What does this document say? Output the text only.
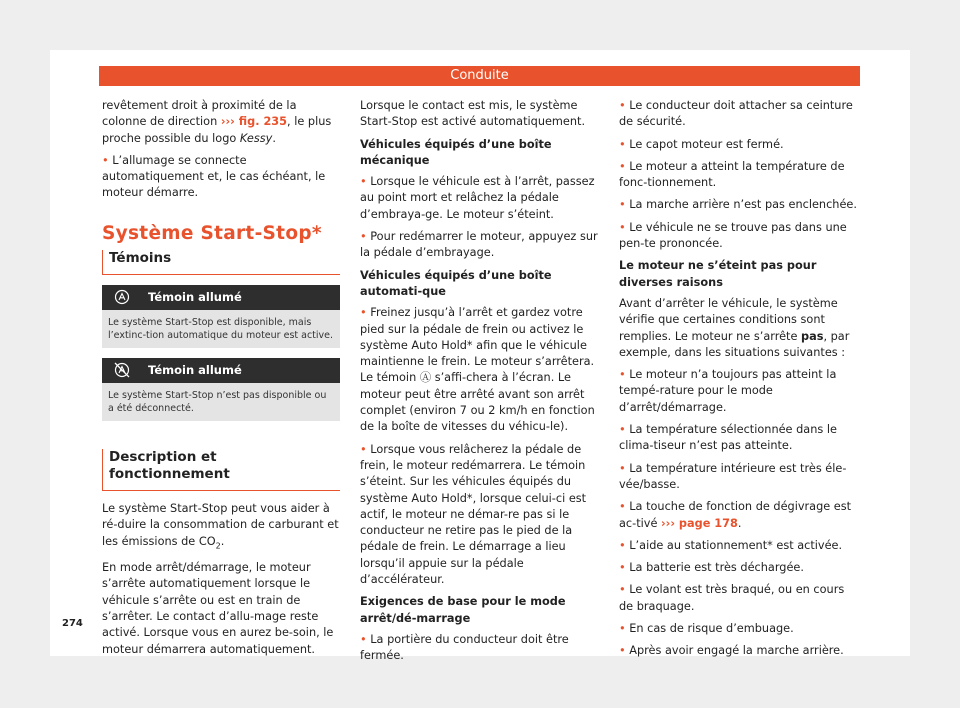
Conduite

revêtement droit à proximité de la colonne de direction ››› fig. 235, le plus proche possible du logo Kessy.

• L’allumage se connecte automatiquement et, le cas échéant, le moteur démarre.

Système Start-Stop*
Témoins
Témoin allumé
Le système Start-Stop est disponible, mais l’extinc-tion automatique du moteur est active.
Témoin allumé
Le système Start-Stop n’est pas disponible ou a été déconnecté.
Description et fonctionnement

Le système Start-Stop peut vous aider à ré-duire la consommation de carburant et les émissions de $CO_2$.

En mode arrêt/démarrage, le moteur s’arrête automatiquement lorsque le véhicule s’arrête ou est en train de s’arrêter. Le contact d’allu-mage reste activé. Lorsque vous en aurez be-soin, le moteur démarrera automatiquement.

Lorsque le contact est mis, le système Start-Stop est activé automatiquement.

Véhicules équipés d’une boîte mécanique

• Lorsque le véhicule est à l’arrêt, passez au point mort et relâchez la pédale d’embraya-ge. Le moteur s’éteint.

• Pour redémarrer le moteur, appuyez sur la pédale d’embrayage.

Véhicules équipés d’une boîte automati-que

• Freinez jusqu’à l’arrêt et gardez votre pied sur la pédale de frein ou activez le système Auto Hold* afin que le véhicule maintienne le frein. Le moteur s’arrêtera. Le témoin Ⓐ s’affi-chera à l’écran. Le moteur peut être arrêté avant son arrêt complet (environ 7 ou 2 km/h en fonction de la boîte de vitesses du véhicu-le).

• Lorsque vous relâcherez la pédale de frein, le moteur redémarrera. Le témoin s’éteint. Sur les véhicules équipés du système Auto Hold*, lorsque celui-ci est actif, le moteur ne démar-re pas si le conducteur ne retire pas le pied de la pédale de frein. Le démarrage a lieu lorsqu’il appuie sur la pédale d’accélérateur.

Exigences de base pour le mode arrêt/dé-marrage

• La portière du conducteur doit être fermée.

• Le conducteur doit attacher sa ceinture de sécurité.

• Le capot moteur est fermé.

• Le moteur a atteint la température de fonc-tionnement.

• La marche arrière n’est pas enclenchée.

• Le véhicule ne se trouve pas dans une pen-te prononcée.

Le moteur ne s’éteint pas pour diverses raisons

Avant d’arrêter le véhicule, le système vérifie que certaines conditions sont remplies. Le moteur ne s’arrête pas, par exemple, dans les situations suivantes :

• Le moteur n’a toujours pas atteint la tempé-rature pour le mode d’arrêt/démarrage.

• La température sélectionnée dans le clima-tiseur n’est pas atteinte.

• La température intérieure est très éle-vée/basse.

• La touche de fonction de dégivrage est ac-tivé ››› page 178.

• L’aide au stationnement* est activée.

• La batterie est très déchargée.

• Le volant est très braqué, ou en cours de braquage.

• En cas de risque d’embuage.

• Après avoir engagé la marche arrière.

274
